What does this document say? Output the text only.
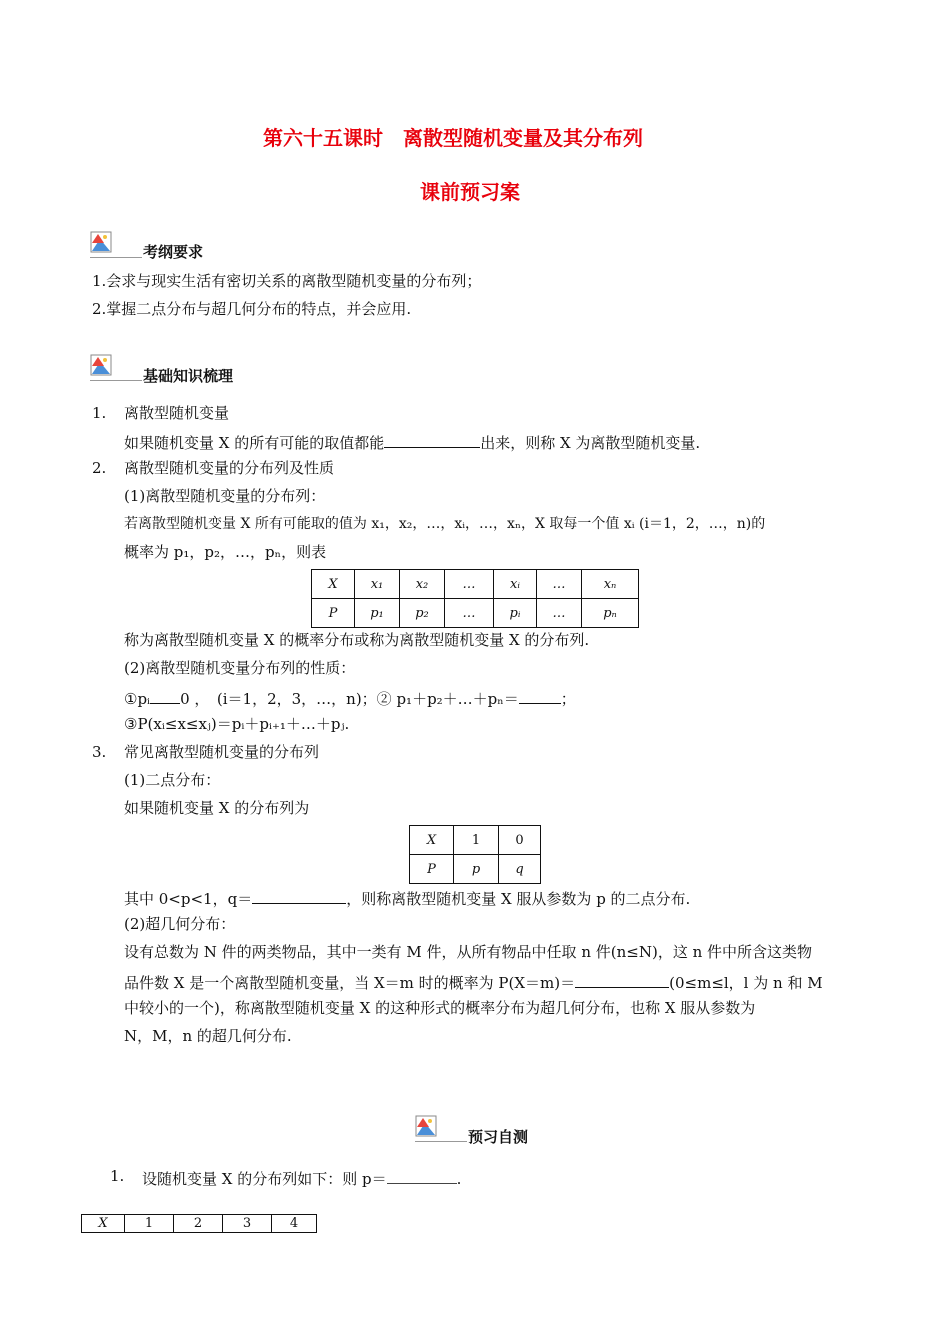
第六十五课时　离散型随机变量及其分布列
课前预习案
考纲要求
1.会求与现实生活有密切关系的离散型随机变量的分布列；
2.掌握二点分布与超几何分布的特点，并会应用.
基础知识梳理
1. 离散型随机变量
如果随机变量 X 的所有可能的取值都能	出来，则称 X 为离散型随机变量.
2. 离散型随机变量的分布列及性质
(1)离散型随机变量的分布列：
若离散型随机变量 X 所有可能取的值为 x₁，x₂，…，xᵢ，…，xₙ，X 取每一个值 xᵢ (i＝1，2，…，n)的
概率为 p₁，p₂，…，pₙ，则表
X	x₁	x₂	…	xᵢ	…	xₙ
P	p₁	p₂	…	pᵢ	…	pₙ
称为离散型随机变量 X 的概率分布或称为离散型随机变量 X 的分布列.
(2)离散型随机变量分布列的性质：
①pᵢ 0 ，　(i＝1，2，3，…，n)；② p₁＋p₂＋…＋pₙ＝	；
③P(xᵢ≤x≤xⱼ)＝pᵢ＋pᵢ₊₁＋…＋pⱼ.
3. 常见离散型随机变量的分布列
(1)二点分布：
如果随机变量 X 的分布列为
X	1	0
P	p	q
其中 0<p<1，q＝	，则称离散型随机变量 X 服从参数为 p 的二点分布.
(2)超几何分布：
设有总数为 N 件的两类物品，其中一类有 M 件，从所有物品中任取 n 件(n≤N)，这 n 件中所含这类物
品件数 X 是一个离散型随机变量，当 X＝m 时的概率为 P(X＝m)＝	(0≤m≤l，l 为 n 和 M
中较小的一个)，称离散型随机变量 X 的这种形式的概率分布为超几何分布，也称 X 服从参数为
N，M，n 的超几何分布.
预习自测
1. 设随机变量 X 的分布列如下：则 p＝	.
X	1	2	3	4
